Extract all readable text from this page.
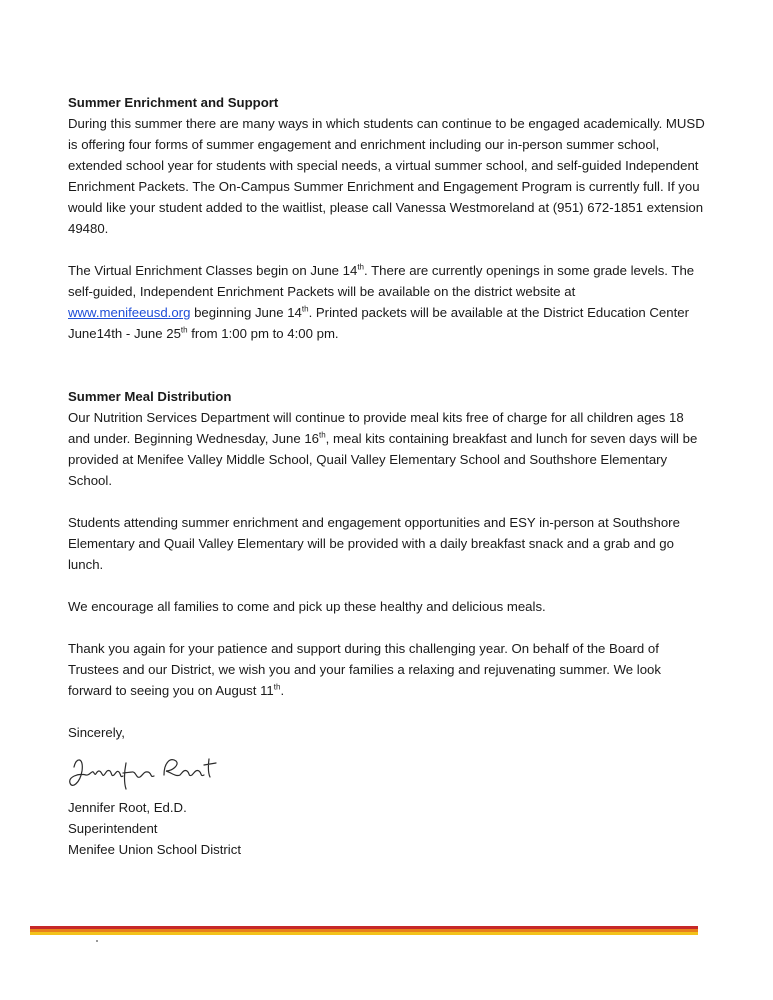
Summer Enrichment and Support

During this summer there are many ways in which students can continue to be engaged academically. MUSD is offering four forms of summer engagement and enrichment including our in-person summer school, extended school year for students with special needs, a virtual summer school, and self-guided Independent Enrichment Packets. The On-Campus Summer Enrichment and Engagement Program is currently full. If you would like your student added to the waitlist, please call Vanessa Westmoreland at (951) 672-1851 extension 49480.

The Virtual Enrichment Classes begin on June 14th. There are currently openings in some grade levels. The self-guided, Independent Enrichment Packets will be available on the district website at
www.menifeeusd.org beginning June 14th. Printed packets will be available at the District Education Center June14th - June 25th from 1:00 pm to 4:00 pm.

Summer Meal Distribution

Our Nutrition Services Department will continue to provide meal kits free of charge for all children ages 18 and under. Beginning Wednesday, June 16th, meal kits containing breakfast and lunch for seven days will be provided at Menifee Valley Middle School, Quail Valley Elementary School and Southshore Elementary School.

Students attending summer enrichment and engagement opportunities and ESY in-person at Southshore Elementary and Quail Valley Elementary will be provided with a daily breakfast snack and a grab and go lunch.

We encourage all families to come and pick up these healthy and delicious meals.

Thank you again for your patience and support during this challenging year. On behalf of the Board of Trustees and our District, we wish you and your families a relaxing and rejuvenating summer. We look forward to seeing you on August 11th.

Sincerely,

Jennifer Root, Ed.D.

Superintendent

Menifee Union School District
